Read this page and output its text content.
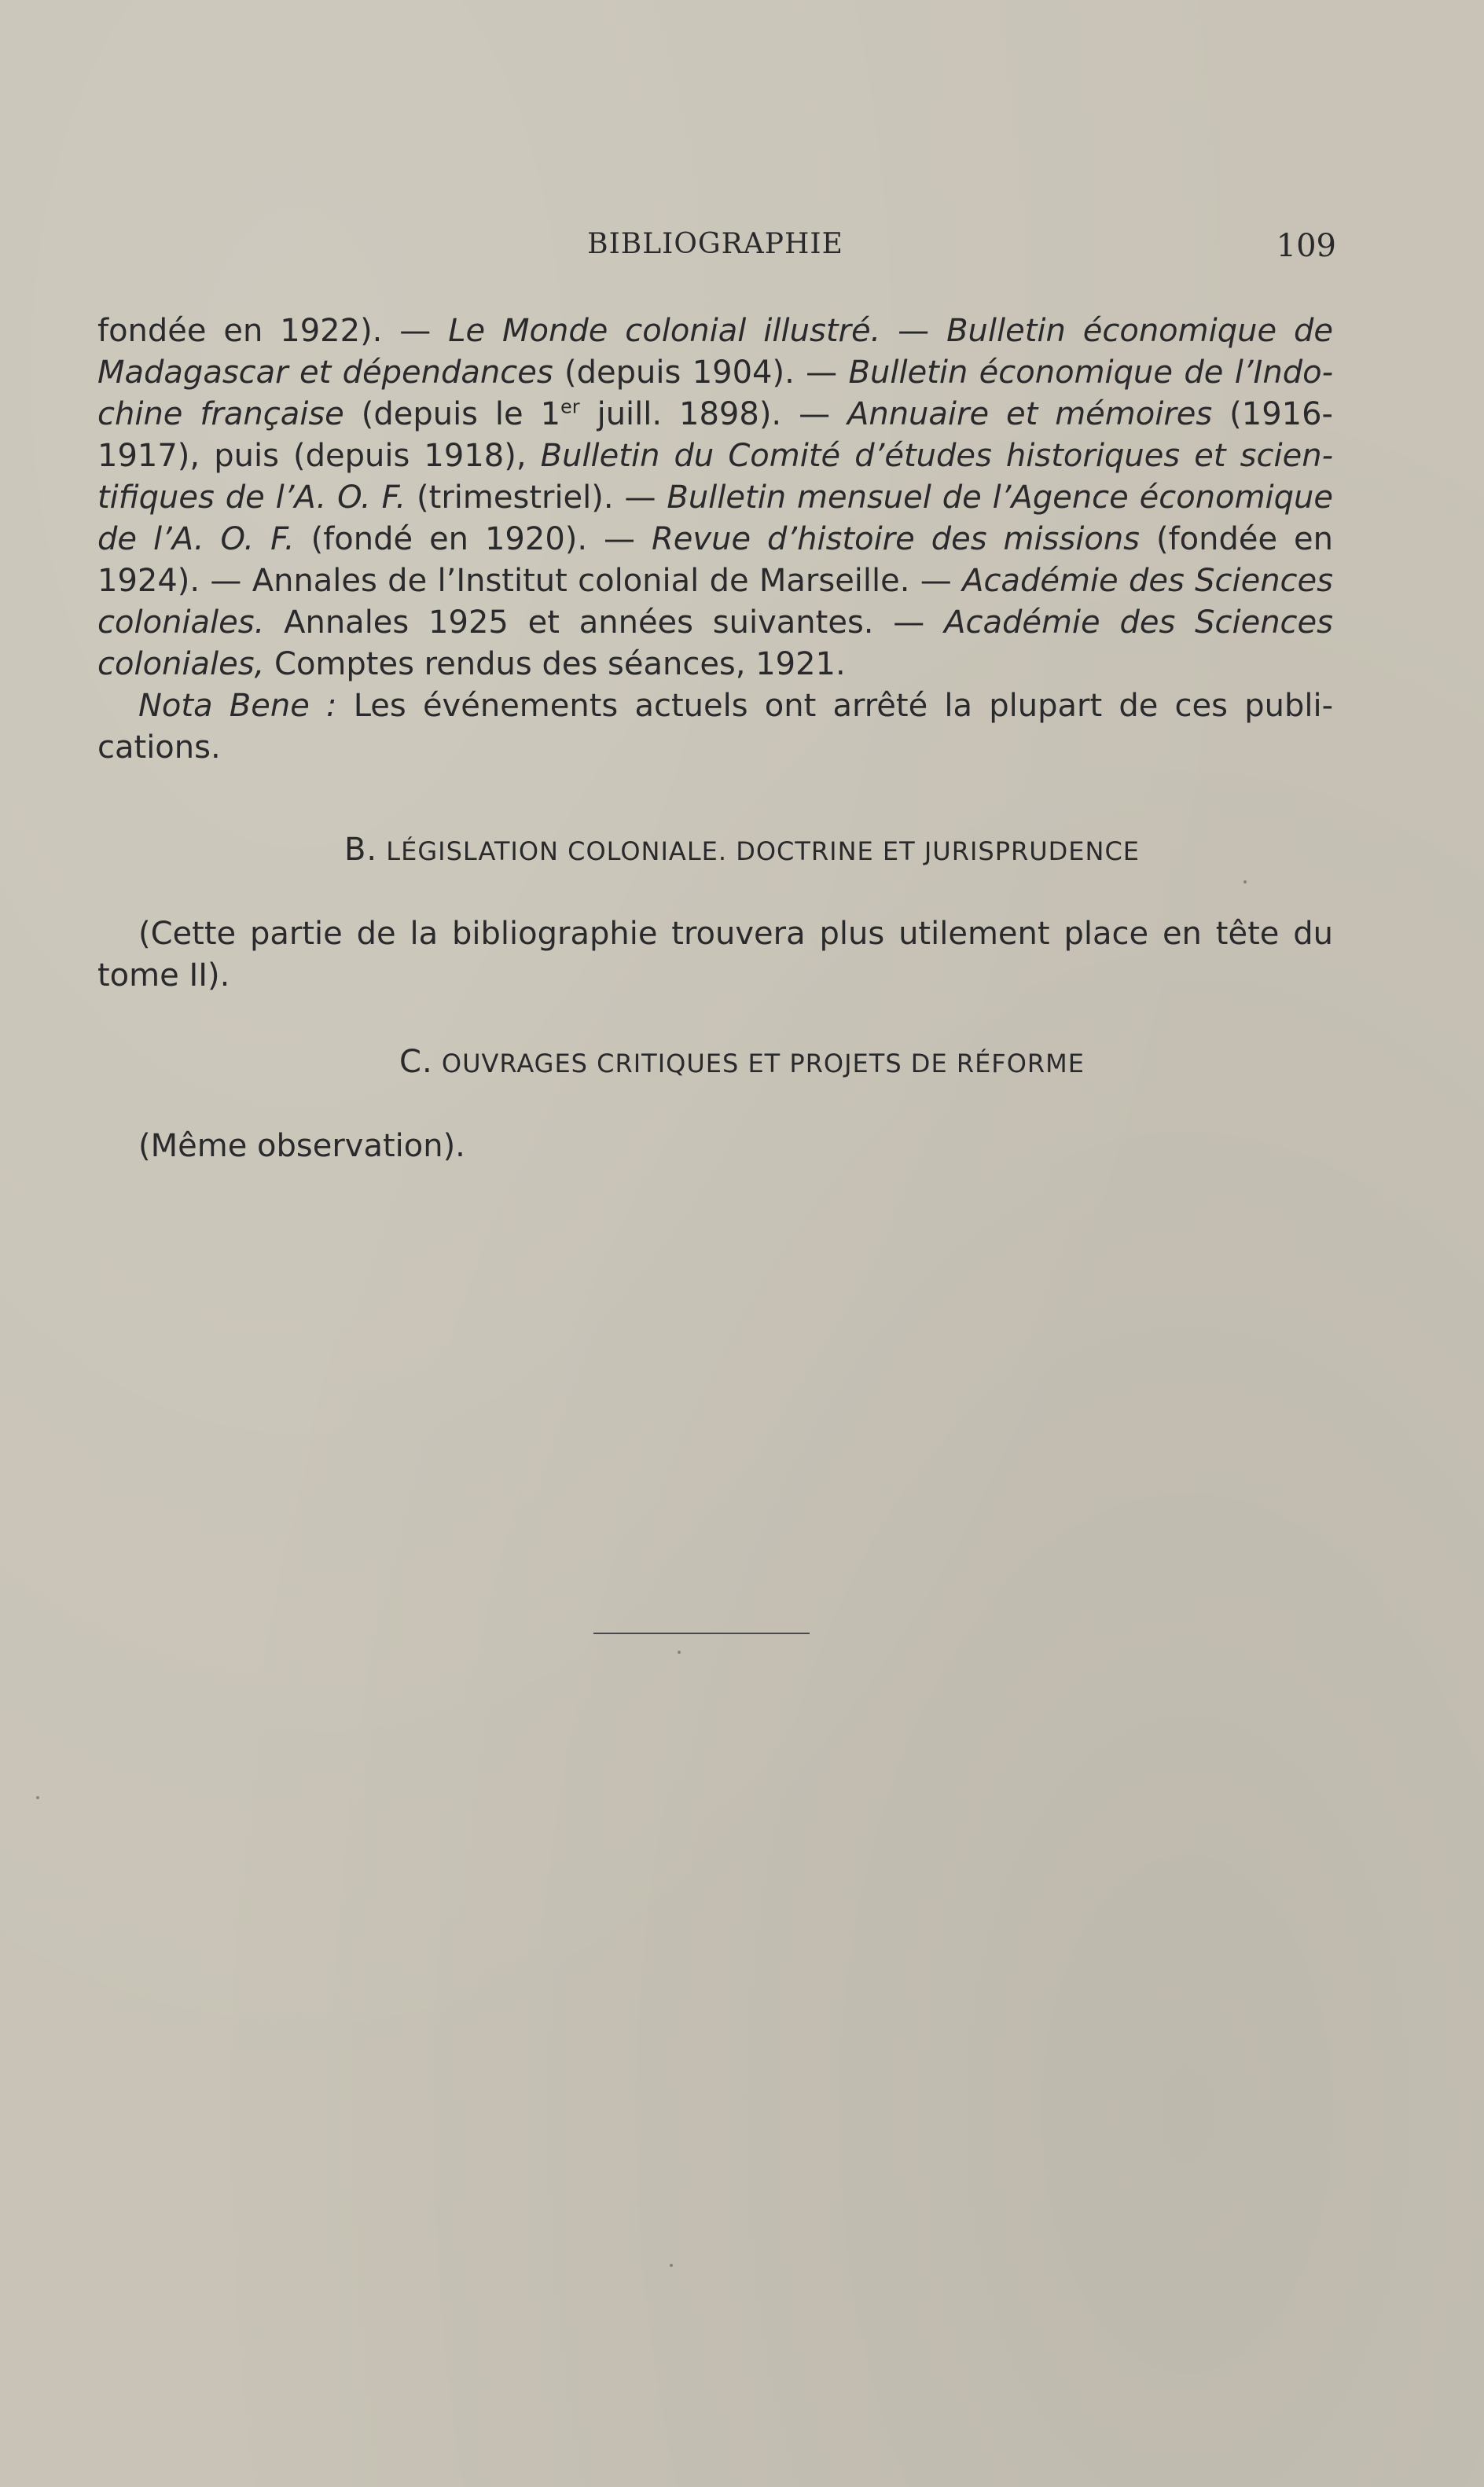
BIBLIOGRAPHIE	109

fondée en 1922). — Le Monde colonial illustré. — Bulletin économique de Madagascar et dépendances (depuis 1904). — Bulletin économique de l’Indochine française (depuis le 1er juill. 1898). — Annuaire et mémoires (1916-1917), puis (depuis 1918), Bulletin du Comité d’études historiques et scientifiques de l’A. O. F. (trimestriel). — Bulletin mensuel de l’Agence économique de l’A. O. F. (fondé en 1920). — Revue d’histoire des missions (fondée en 1924). — Annales de l’Institut colonial de Marseille. — Académie des Sciences coloniales. Annales 1925 et années suivantes. — Académie des Sciences coloniales, Comptes rendus des séances, 1921.

Nota Bene : Les événements actuels ont arrêté la plupart de ces publications.

B. LÉGISLATION COLONIALE. DOCTRINE ET JURISPRUDENCE

(Cette partie de la bibliographie trouvera plus utilement place en tête du tome II).

C. OUVRAGES CRITIQUES ET PROJETS DE RÉFORME

(Même observation).
